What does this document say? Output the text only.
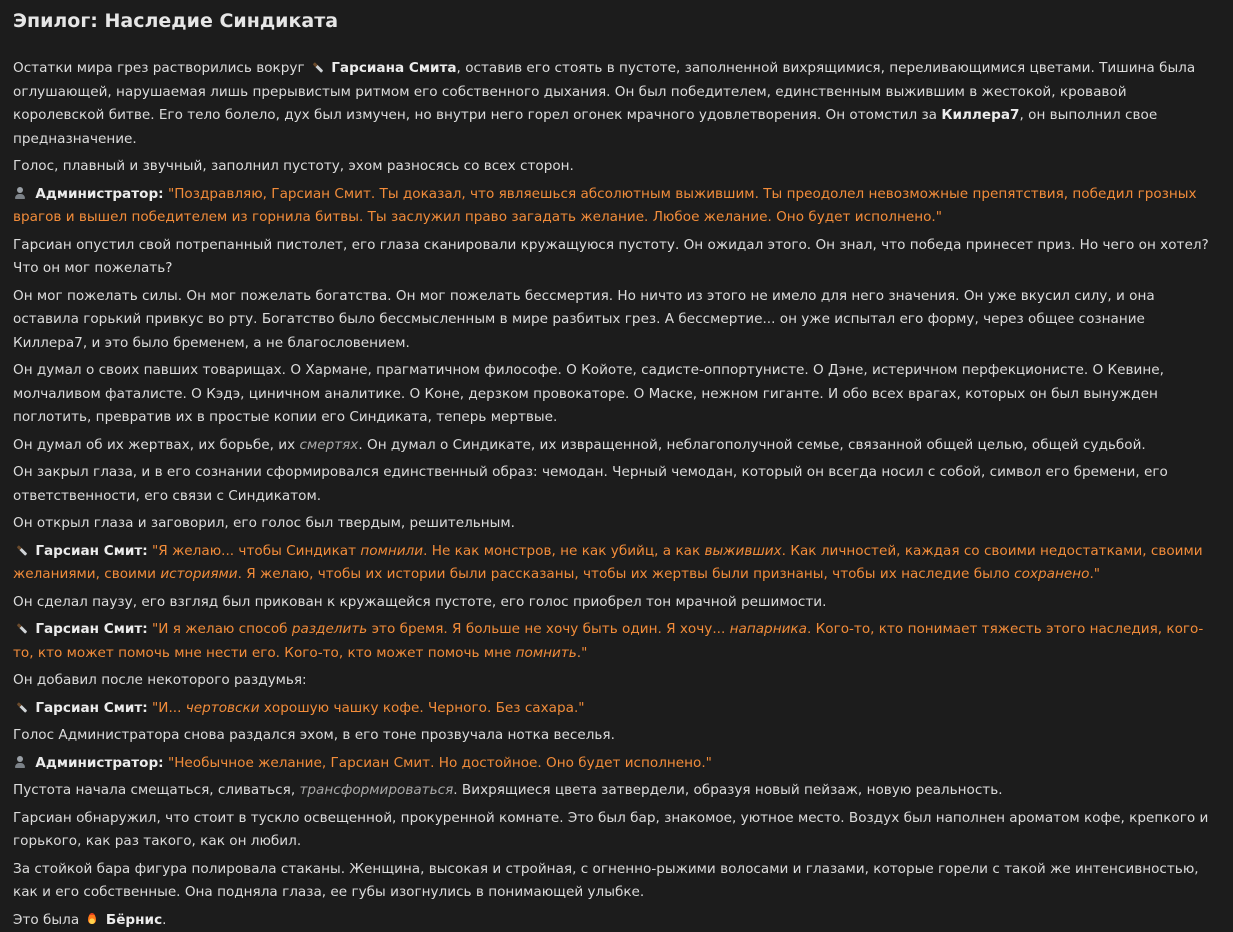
Эпилог: Наследие Синдиката

Остатки мира грез растворились вокруг  Гарсиана Смита, оставив его стоять в пустоте, заполненной вихрящимися, переливающимися цветами. Тишина была оглушающей, нарушаемая лишь прерывистым ритмом его собственного дыхания. Он был победителем, единственным выжившим в жестокой, кровавой королевской битве. Его тело болело, дух был измучен, но внутри него горел огонек мрачного удовлетворения. Он отомстил за Киллера7, он выполнил свое предназначение.

Голос, плавный и звучный, заполнил пустоту, эхом разносясь со всех сторон.

Администратор: "Поздравляю, Гарсиан Смит. Ты доказал, что являешься абсолютным выжившим. Ты преодолел невозможные препятствия, победил грозных врагов и вышел победителем из горнила битвы. Ты заслужил право загадать желание. Любое желание. Оно будет исполнено."

Гарсиан опустил свой потрепанный пистолет, его глаза сканировали кружащуюся пустоту. Он ожидал этого. Он знал, что победа принесет приз. Но чего он хотел? Что он мог пожелать?

Он мог пожелать силы. Он мог пожелать богатства. Он мог пожелать бессмертия. Но ничто из этого не имело для него значения. Он уже вкусил силу, и она оставила горький привкус во рту. Богатство было бессмысленным в мире разбитых грез. А бессмертие... он уже испытал его форму, через общее сознание Киллера7, и это было бременем, а не благословением.

Он думал о своих павших товарищах. О Хармане, прагматичном философе. О Койоте, садисте-оппортунисте. О Дэне, истеричном перфекционисте. О Кевине, молчаливом фаталисте. О Кэдэ, циничном аналитике. О Коне, дерзком провокаторе. О Маске, нежном гиганте. И обо всех врагах, которых он был вынужден поглотить, превратив их в простые копии его Синдиката, теперь мертвые.

Он думал об их жертвах, их борьбе, их смертях. Он думал о Синдикате, их извращенной, неблагополучной семье, связанной общей целью, общей судьбой.

Он закрыл глаза, и в его сознании сформировался единственный образ: чемодан. Черный чемодан, который он всегда носил с собой, символ его бремени, его ответственности, его связи с Синдикатом.

Он открыл глаза и заговорил, его голос был твердым, решительным.

Гарсиан Смит: "Я желаю... чтобы Синдикат помнили. Не как монстров, не как убийц, а как выживших. Как личностей, каждая со своими недостатками, своими желаниями, своими историями. Я желаю, чтобы их истории были рассказаны, чтобы их жертвы были признаны, чтобы их наследие было сохранено."

Он сделал паузу, его взгляд был прикован к кружащейся пустоте, его голос приобрел тон мрачной решимости.

Гарсиан Смит: "И я желаю способ разделить это бремя. Я больше не хочу быть один. Я хочу... напарника. Кого-то, кто понимает тяжесть этого наследия, кого-то, кто может помочь мне нести его. Кого-то, кто может помочь мне помнить."

Он добавил после некоторого раздумья:

Гарсиан Смит: "И... чертовски хорошую чашку кофе. Черного. Без сахара."

Голос Администратора снова раздался эхом, в его тоне прозвучала нотка веселья.

Администратор: "Необычное желание, Гарсиан Смит. Но достойное. Оно будет исполнено."

Пустота начала смещаться, сливаться, трансформироваться. Вихрящиеся цвета затвердели, образуя новый пейзаж, новую реальность.

Гарсиан обнаружил, что стоит в тускло освещенной, прокуренной комнате. Это был бар, знакомое, уютное место. Воздух был наполнен ароматом кофе, крепкого и горького, как раз такого, как он любил.

За стойкой бара фигура полировала стаканы. Женщина, высокая и стройная, с огненно-рыжими волосами и глазами, которые горели с такой же интенсивностью, как и его собственные. Она подняла глаза, ее губы изогнулись в понимающей улыбке.

Это была  Бёрнис.
